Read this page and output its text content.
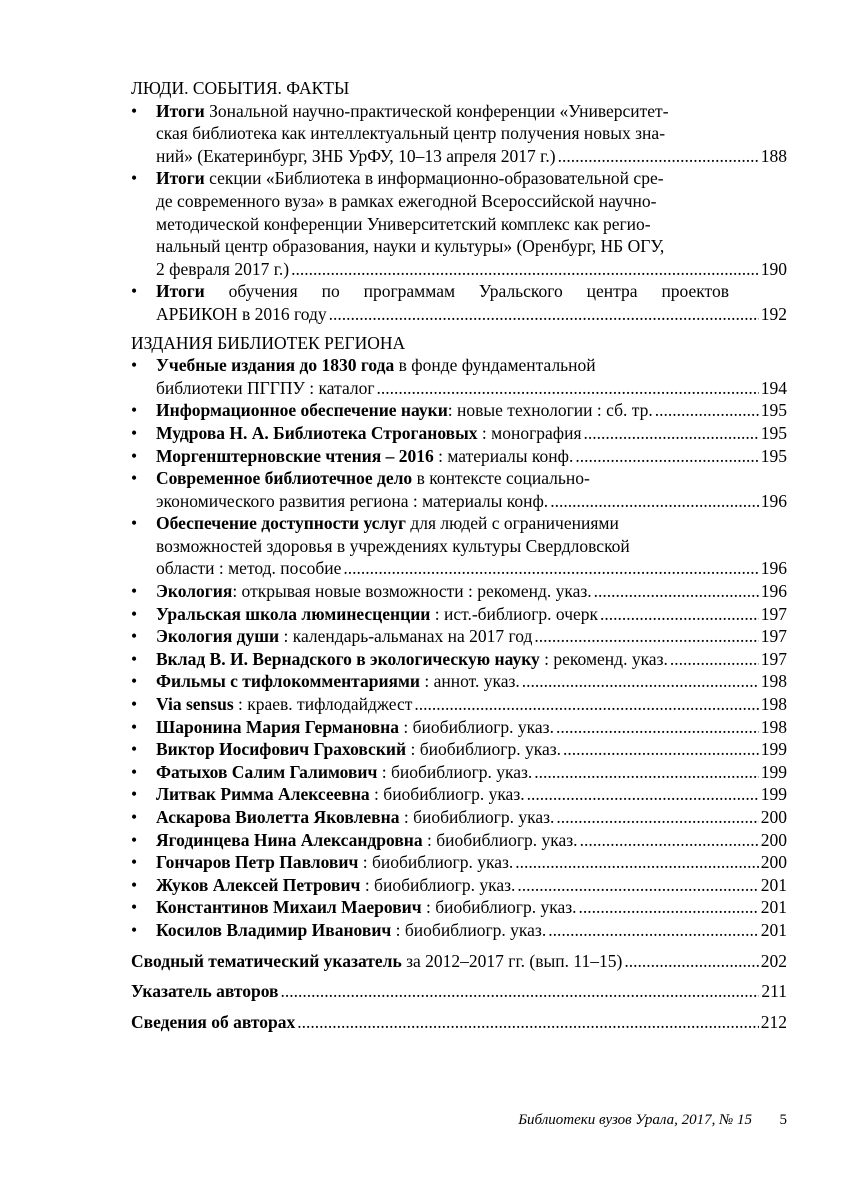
ЛЮДИ. СОБЫТИЯ. ФАКТЫ

• Итоги Зональной научно-практической конференции «Университет-
ская библиотека как интеллектуальный центр получения новых зна-
ний» (Екатеринбург, ЗНБ УрФУ, 10–13 апреля 2017 г.) .....	188
• Итоги секции «Библиотека в информационно-образовательной сре-
де современного вуза» в рамках ежегодной Всероссийской научно-
методической конференции Университетский комплекс как регио-
нальный центр образования, науки и культуры» (Оренбург, НБ ОГУ,
2 февраля 2017 г.) .....	190
• Итоги обучения по программам Уральского центра проектов
АРБИКОН в 2016 году .....	192

ИЗДАНИЯ БИБЛИОТЕК РЕГИОНА

• Учебные издания до 1830 года в фонде фундаментальной
библиотеки ПГГПУ : каталог .....	194
• Информационное обеспечение науки: новые технологии : сб. тр. .....	195
• Мудрова Н. А. Библиотека Строгановых : монография .....	195
• Моргенштерновские чтения – 2016 : материалы конф. .....	195
• Современное библиотечное дело в контексте социально-
экономического развития региона : материалы конф. .....	196
• Обеспечение доступности услуг для людей с ограничениями
возможностей здоровья в учреждениях культуры Свердловской
области : метод. пособие .....	196
• Экология: открывая новые возможности : рекоменд. указ. .....	196
• Уральская школа люминесценции : ист.-библиогр. очерк .....	197
• Экология души : календарь-альманах на 2017 год .....	197
• Вклад В. И. Вернадского в экологическую науку : рекоменд. указ. .....	197
• Фильмы с тифлокомментариями : аннот. указ. .....	198
• Via sensus : краев. тифлодайджест .....	198
• Шаронина Мария Германовна : биобиблиогр. указ. .....	198
• Виктор Иосифович Граховский : биобиблиогр. указ. .....	199
• Фатыхов Салим Галимович : биобиблиогр. указ. .....	199
• Литвак Римма Алексеевна : биобиблиогр. указ. .....	199
• Аскарова Виолетта Яковлевна : биобиблиогр. указ. .....	200
• Ягодинцева Нина Александровна : биобиблиогр. указ. .....	200
• Гончаров Петр Павлович : биобиблиогр. указ. .....	200
• Жуков Алексей Петрович : биобиблиогр. указ. .....	201
• Константинов Михаил Маерович : биобиблиогр. указ. .....	201
• Косилов Владимир Иванович : биобиблиогр. указ. .....	201
Сводный тематический указатель за 2012–2017 гг. (вып. 11–15) .....	202
Указатель авторов .....	211
Сведения об авторах .....	212
Библиотеки вузов Урала, 2017, № 15 5
